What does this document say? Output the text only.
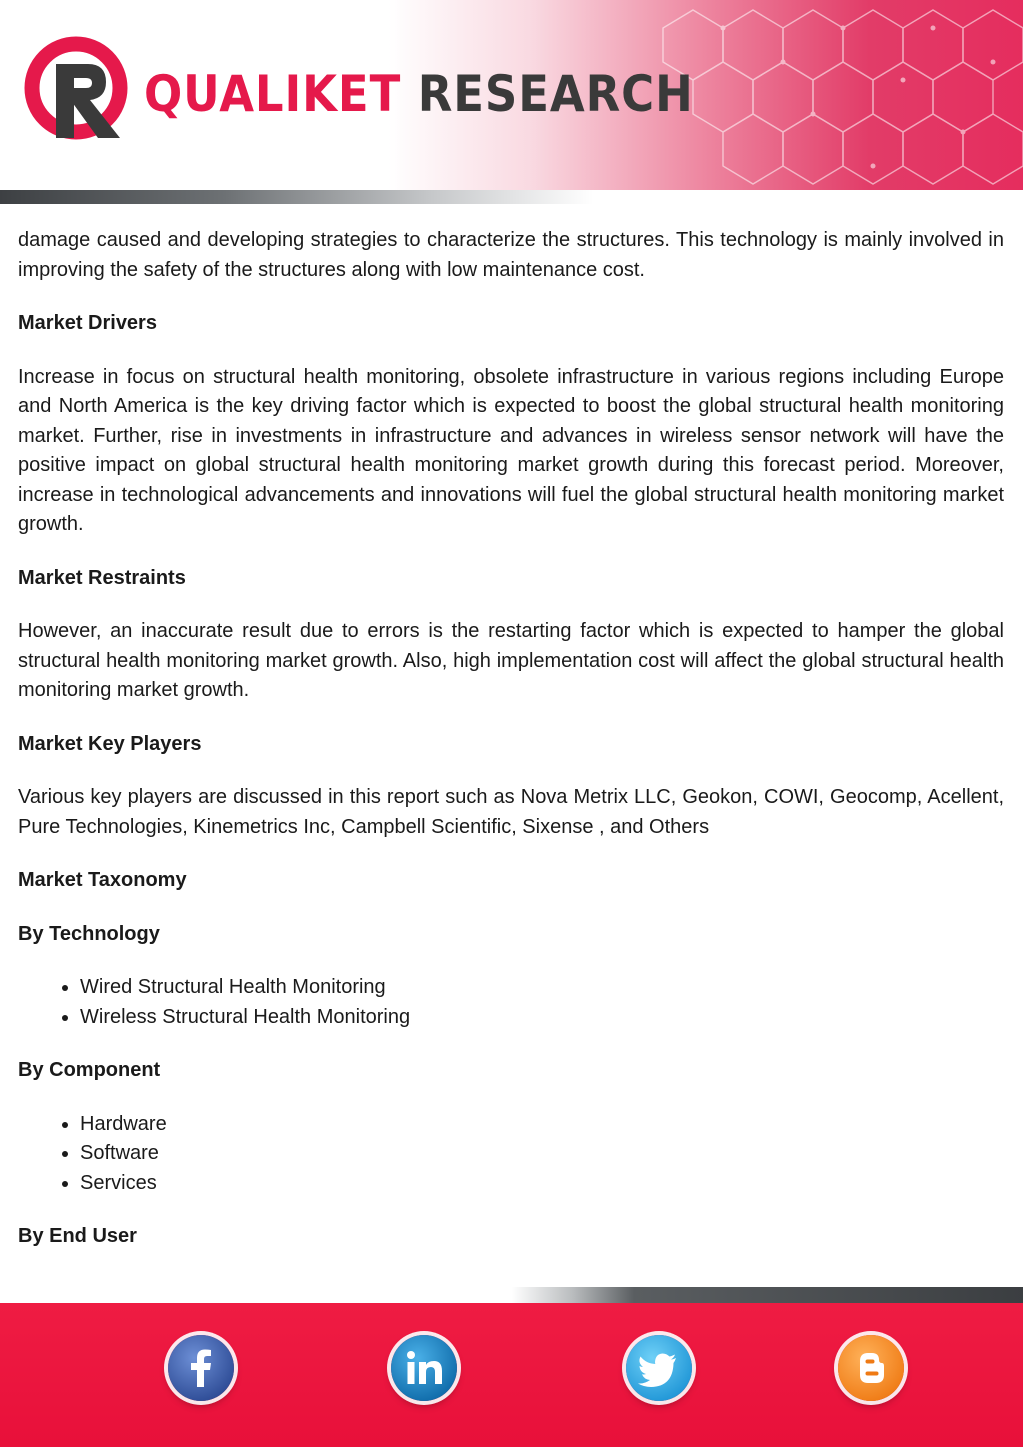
QUALIKET RESEARCH

damage caused and developing strategies to characterize the structures. This technology is mainly involved in improving the safety of the structures along with low maintenance cost.

Market Drivers

Increase in focus on structural health monitoring, obsolete infrastructure in various regions including Europe and North America is the key driving factor which is expected to boost the global structural health monitoring market. Further, rise in investments in infrastructure and advances in wireless sensor network will have the positive impact on global structural health monitoring market growth during this forecast period. Moreover, increase in technological advancements and innovations will fuel the global structural health monitoring market growth.

Market Restraints

However, an inaccurate result due to errors is the restarting factor which is expected to hamper the global structural health monitoring market growth. Also, high implementation cost will affect the global structural health monitoring market growth.

Market Key Players

Various key players are discussed in this report such as Nova Metrix LLC, Geokon, COWI, Geocomp, Acellent, Pure Technologies, Kinemetrics Inc, Campbell Scientific, Sixense , and Others

Market Taxonomy
By Technology
• Wired Structural Health Monitoring
• Wireless Structural Health Monitoring
By Component
• Hardware
• Software
• Services
By End User
